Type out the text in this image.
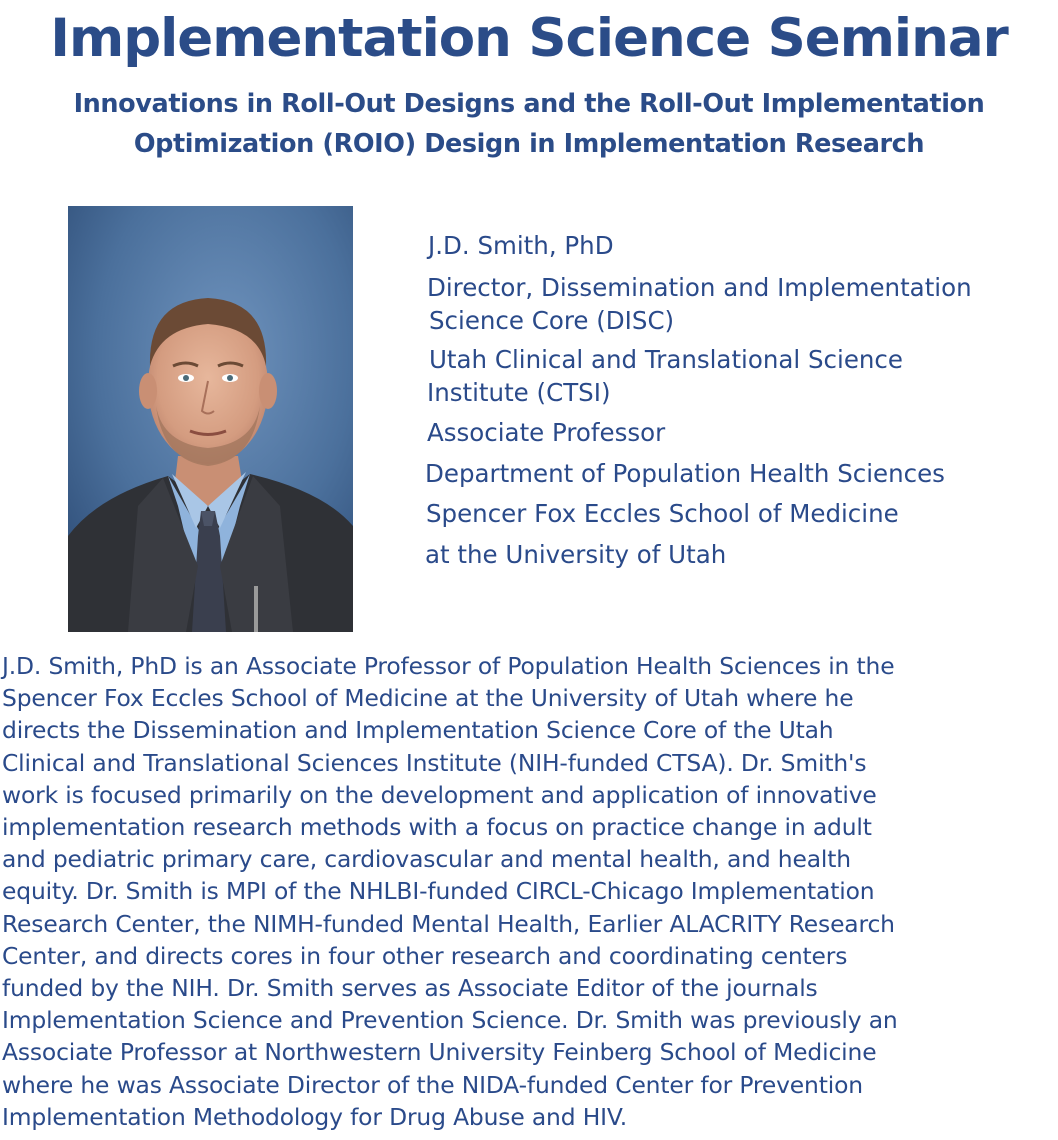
Implementation Science Seminar
Innovations in Roll-Out Designs and the Roll-Out Implementation
Optimization (ROIO) Design in Implementation Research
J.D. Smith, PhD
Director, Dissemination and Implementation
Science Core (DISC)
Utah Clinical and Translational Science
Institute (CTSI)
Associate Professor
Department of Population Health Sciences
Spencer Fox Eccles School of Medicine
at the University of Utah
J.D. Smith, PhD is an Associate Professor of Population Health Sciences in the
Spencer Fox Eccles School of Medicine at the University of Utah where he
directs the Dissemination and Implementation Science Core of the Utah
Clinical and Translational Sciences Institute (NIH-funded CTSA). Dr. Smith's
work is focused primarily on the development and application of innovative
implementation research methods with a focus on practice change in adult
and pediatric primary care, cardiovascular and mental health, and health
equity. Dr. Smith is MPI of the NHLBI-funded CIRCL-Chicago Implementation
Research Center, the NIMH-funded Mental Health, Earlier ALACRITY Research
Center, and directs cores in four other research and coordinating centers
funded by the NIH. Dr. Smith serves as Associate Editor of the journals
Implementation Science and Prevention Science. Dr. Smith was previously an
Associate Professor at Northwestern University Feinberg School of Medicine
where he was Associate Director of the NIDA-funded Center for Prevention
Implementation Methodology for Drug Abuse and HIV.
